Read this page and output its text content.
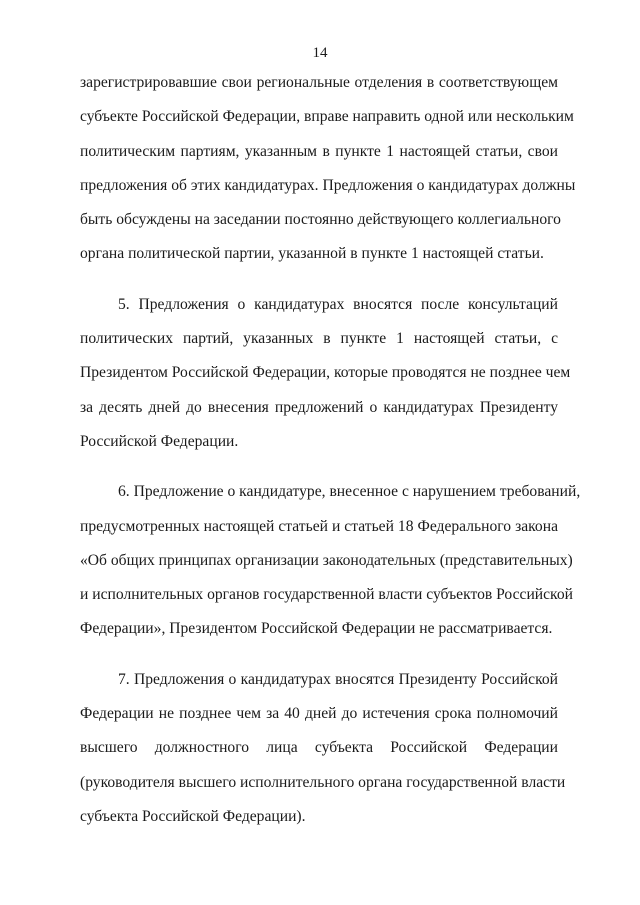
14
зарегистрировавшие свои региональные отделения в соответствующем
субъекте Российской Федерации, вправе направить одной или нескольким
политическим партиям, указанным в пункте 1 настоящей статьи, свои
предложения об этих кандидатурах. Предложения о кандидатурах должны
быть обсуждены на заседании постоянно действующего коллегиального
органа политической партии, указанной в пункте 1 настоящей статьи.
5. Предложения о кандидатурах вносятся после консультаций
политических партий, указанных в пункте 1 настоящей статьи, с
Президентом Российской Федерации, которые проводятся не позднее чем
за десять дней до внесения предложений о кандидатурах Президенту
Российской Федерации.
6. Предложение о кандидатуре, внесенное с нарушением требований,
предусмотренных настоящей статьей и статьей 18 Федерального закона
«Об общих принципах организации законодательных (представительных)
и исполнительных органов государственной власти субъектов Российской
Федерации», Президентом Российской Федерации не рассматривается.
7. Предложения о кандидатурах вносятся Президенту Российской
Федерации не позднее чем за 40 дней до истечения срока полномочий
высшего должностного лица субъекта Российской Федерации
(руководителя высшего исполнительного органа государственной власти
субъекта Российской Федерации).
